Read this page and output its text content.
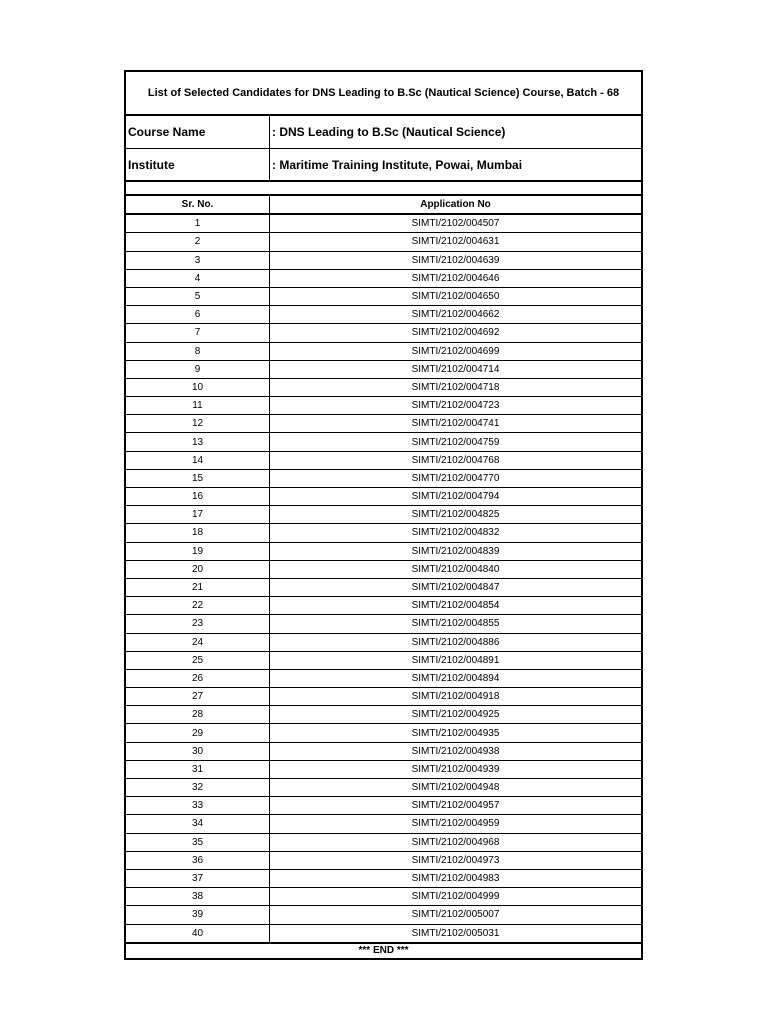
List of Selected Candidates for DNS Leading to B.Sc (Nautical Science) Course, Batch - 68
Course Name	: DNS Leading to B.Sc (Nautical Science)
Institute	: Maritime Training Institute, Powai, Mumbai
Sr. No.	Application No
1	SIMTI/2102/004507
2	SIMTI/2102/004631
3	SIMTI/2102/004639
4	SIMTI/2102/004646
5	SIMTI/2102/004650
6	SIMTI/2102/004662
7	SIMTI/2102/004692
8	SIMTI/2102/004699
9	SIMTI/2102/004714
10	SIMTI/2102/004718
11	SIMTI/2102/004723
12	SIMTI/2102/004741
13	SIMTI/2102/004759
14	SIMTI/2102/004768
15	SIMTI/2102/004770
16	SIMTI/2102/004794
17	SIMTI/2102/004825
18	SIMTI/2102/004832
19	SIMTI/2102/004839
20	SIMTI/2102/004840
21	SIMTI/2102/004847
22	SIMTI/2102/004854
23	SIMTI/2102/004855
24	SIMTI/2102/004886
25	SIMTI/2102/004891
26	SIMTI/2102/004894
27	SIMTI/2102/004918
28	SIMTI/2102/004925
29	SIMTI/2102/004935
30	SIMTI/2102/004938
31	SIMTI/2102/004939
32	SIMTI/2102/004948
33	SIMTI/2102/004957
34	SIMTI/2102/004959
35	SIMTI/2102/004968
36	SIMTI/2102/004973
37	SIMTI/2102/004983
38	SIMTI/2102/004999
39	SIMTI/2102/005007
40	SIMTI/2102/005031
*** END ***
